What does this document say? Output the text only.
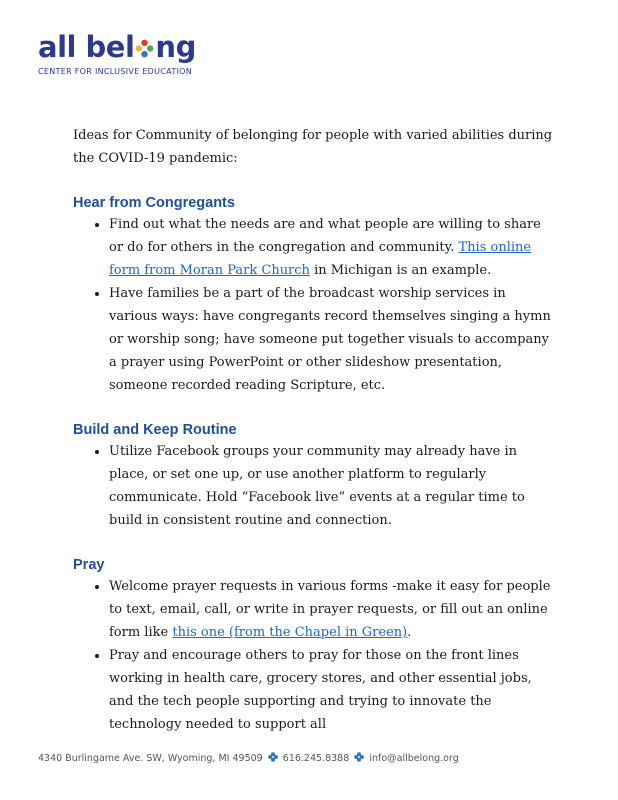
all bel ng
CENTER FOR INCLUSIVE EDUCATION

Ideas for Community of belonging for people with varied abilities during the COVID-19 pandemic:

Hear from Congregants
• Find out what the needs are and what people are willing to share or do for others in the congregation and community. This online form from Moran Park Church in Michigan is an example.
• Have families be a part of the broadcast worship services in various ways: have congregants record themselves singing a hymn or worship song; have someone put together visuals to accompany a prayer using PowerPoint or other slideshow presentation, someone recorded reading Scripture, etc.
Build and Keep Routine
• Utilize Facebook groups your community may already have in place, or set one up, or use another platform to regularly communicate. Hold “Facebook live” events at a regular time to build in consistent routine and connection.
Pray
• Welcome prayer requests in various forms -make it easy for people to text, email, call, or write in prayer requests, or fill out an online form like this one (from the Chapel in Green).
• Pray and encourage others to pray for those on the front lines working in health care, grocery stores, and other essential jobs, and the tech people supporting and trying to innovate the technology needed to support all
4340 Burlingame Ave. SW, Wyoming, MI 49509 616.245.8388 info@allbelong.org
